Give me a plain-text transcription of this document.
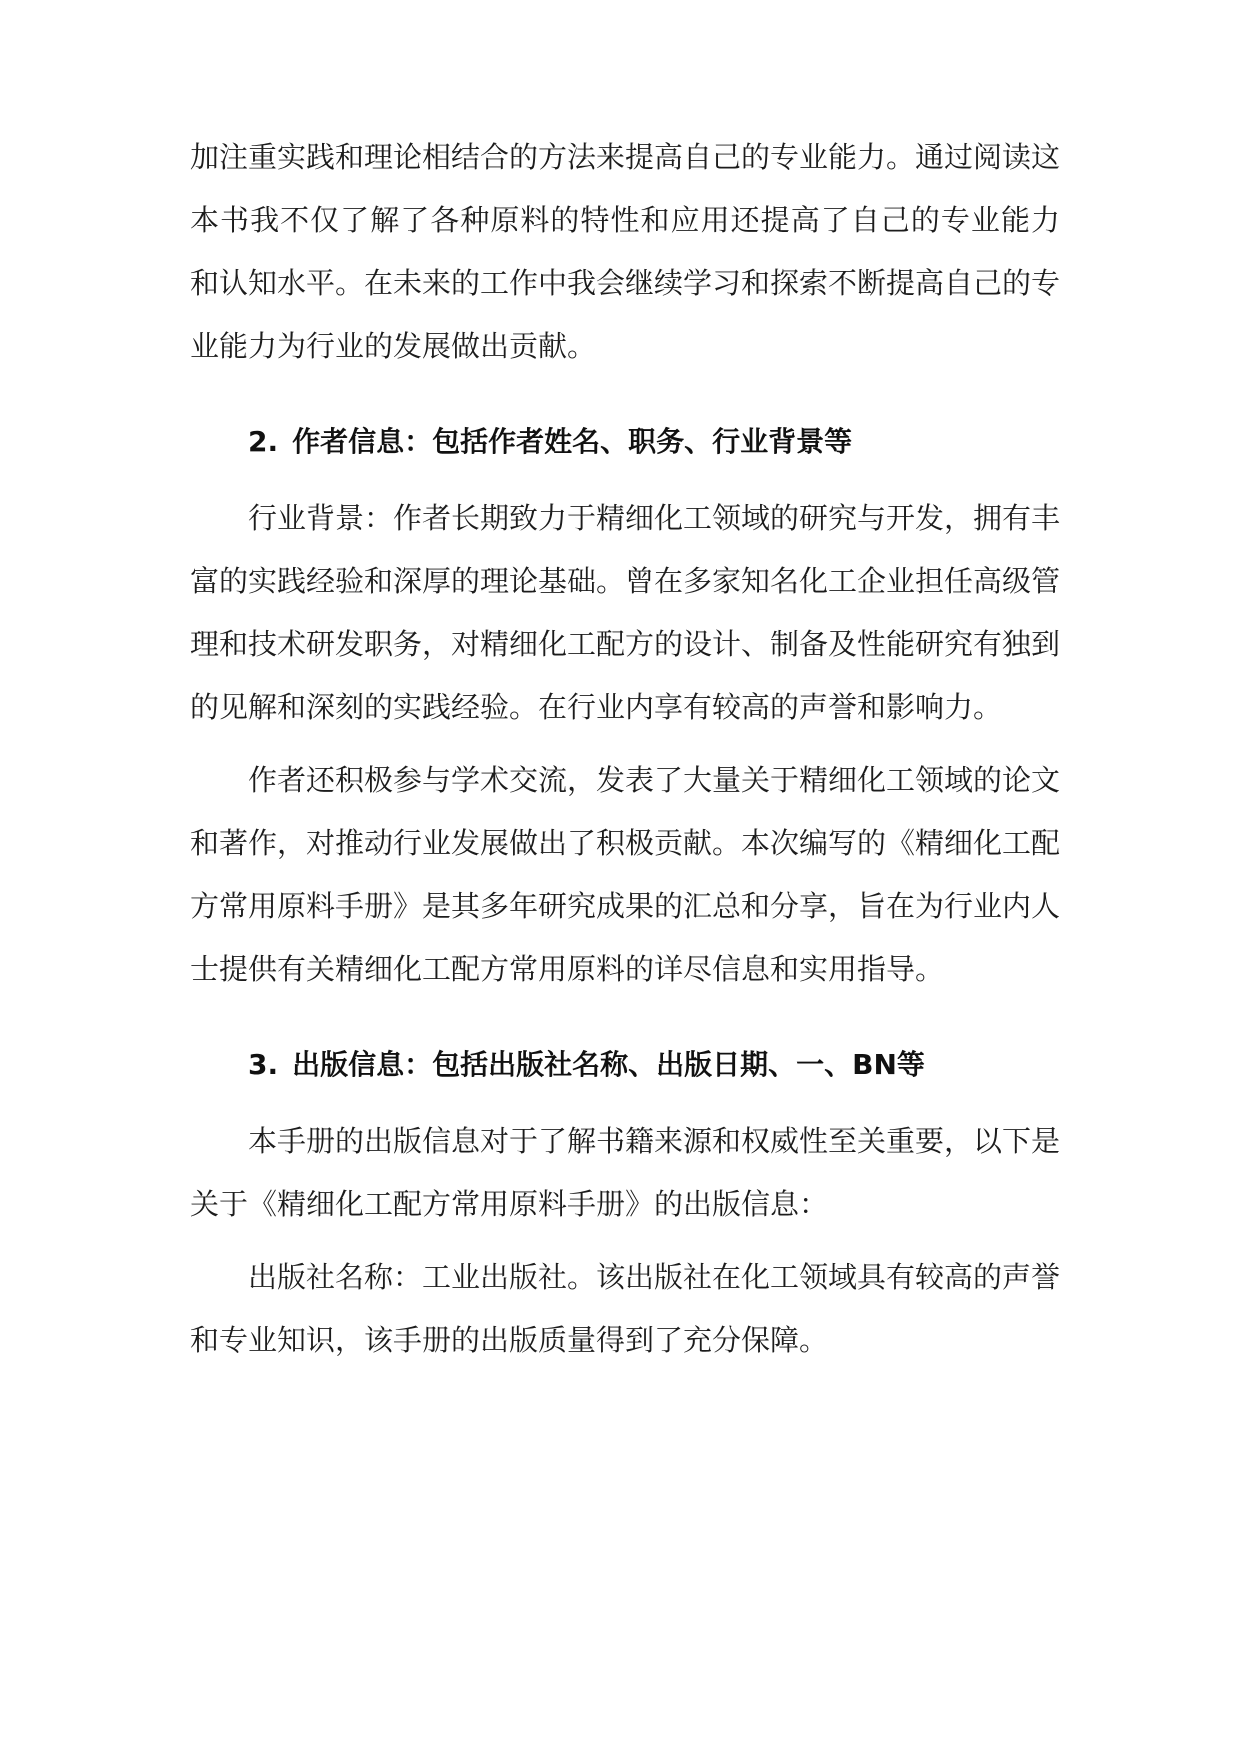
加注重实践和理论相结合的方法来提高自己的专业能力。通过阅读这

本书我不仅了解了各种原料的特性和应用还提高了自己的专业能力

和认知水平。在未来的工作中我会继续学习和探索不断提高自己的专

业能力为行业的发展做出贡献。

2. 作者信息：包括作者姓名、职务、行业背景等

行业背景：作者长期致力于精细化工领域的研究与开发，拥有丰

富的实践经验和深厚的理论基础。曾在多家知名化工企业担任高级管

理和技术研发职务，对精细化工配方的设计、制备及性能研究有独到

的见解和深刻的实践经验。在行业内享有较高的声誉和影响力。

作者还积极参与学术交流，发表了大量关于精细化工领域的论文

和著作，对推动行业发展做出了积极贡献。本次编写的《精细化工配

方常用原料手册》是其多年研究成果的汇总和分享，旨在为行业内人

士提供有关精细化工配方常用原料的详尽信息和实用指导。

3. 出版信息：包括出版社名称、出版日期、一、BN等

本手册的出版信息对于了解书籍来源和权威性至关重要，以下是

关于《精细化工配方常用原料手册》的出版信息：

出版社名称：工业出版社。该出版社在化工领域具有较高的声誉

和专业知识，该手册的出版质量得到了充分保障。
